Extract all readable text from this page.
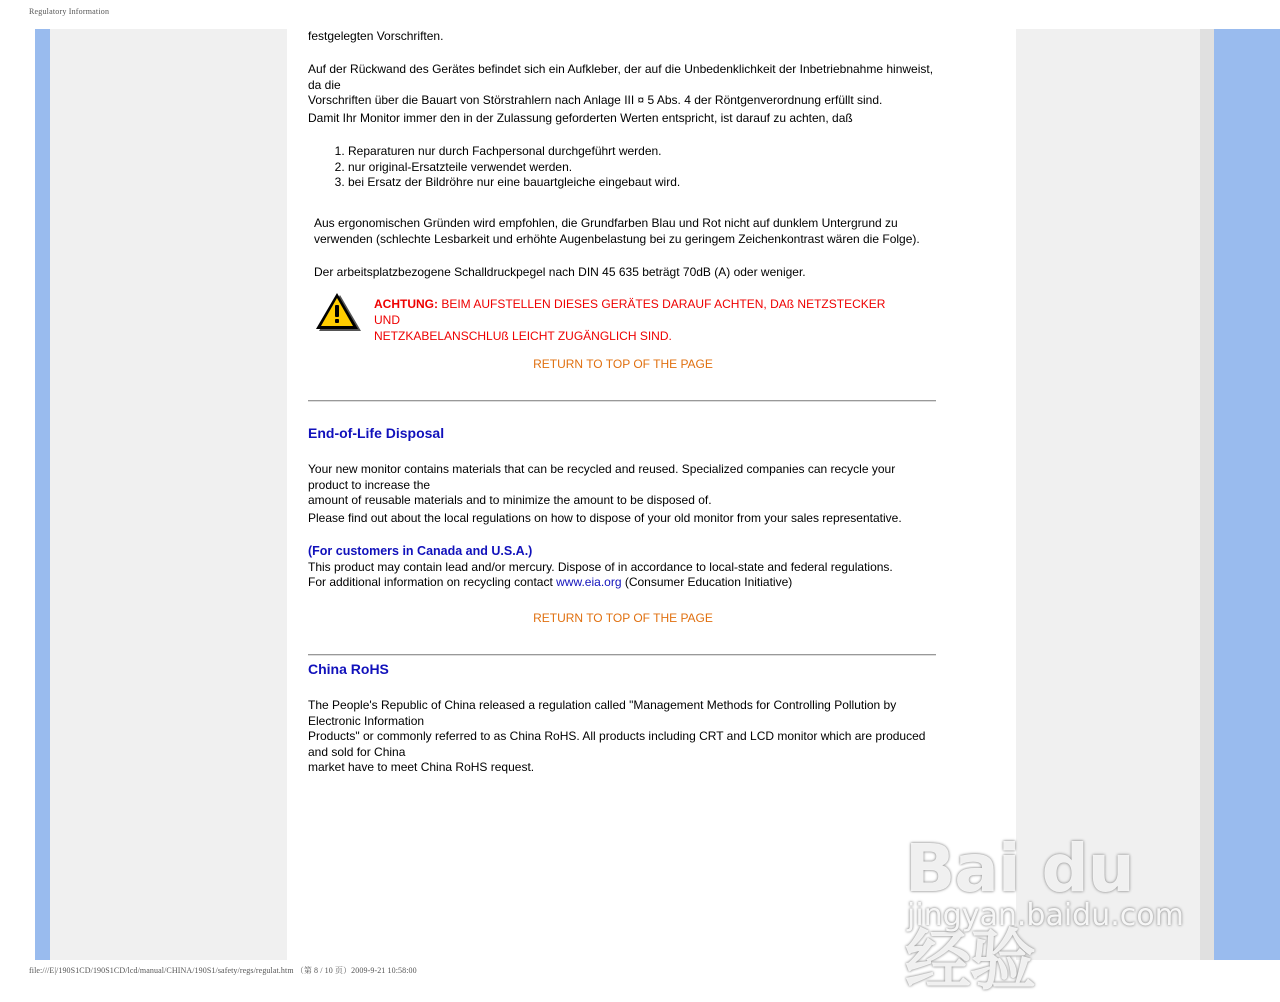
Regulatory Information

festgelegten Vorschriften.

Auf der Rückwand des Gerätes befindet sich ein Aufkleber, der auf die Unbedenklichkeit der Inbetriebnahme hinweist, da die

Vorschriften über die Bauart von Störstrahlern nach Anlage III ¤ 5 Abs. 4 der Röntgenverordnung erfüllt sind.

Damit Ihr Monitor immer den in der Zulassung geforderten Werten entspricht, ist darauf zu achten, daß

1. Reparaturen nur durch Fachpersonal durchgeführt werden.
2. nur original-Ersatzteile verwendet werden.
3. bei Ersatz der Bildröhre nur eine bauartgleiche eingebaut wird.

Aus ergonomischen Gründen wird empfohlen, die Grundfarben Blau und Rot nicht auf dunklem Untergrund zu

verwenden (schlechte Lesbarkeit und erhöhte Augenbelastung bei zu geringem Zeichenkontrast wären die Folge).

Der arbeitsplatzbezogene Schalldruckpegel nach DIN 45 635 beträgt 70dB (A) oder weniger.

ACHTUNG: BEIM AUFSTELLEN DIESES GERÄTES DARAUF ACHTEN, DAß NETZSTECKER UND
NETZKABELANSCHLUß LEICHT ZUGÄNGLICH SIND.
RETURN TO TOP OF THE PAGE
End-of-Life Disposal

Your new monitor contains materials that can be recycled and reused. Specialized companies can recycle your product to increase the

amount of reusable materials and to minimize the amount to be disposed of.

Please find out about the local regulations on how to dispose of your old monitor from your sales representative.

(For customers in Canada and U.S.A.)

This product may contain lead and/or mercury. Dispose of in accordance to local-state and federal regulations.

For additional information on recycling contact www.eia.org (Consumer Education Initiative)

RETURN TO TOP OF THE PAGE
China RoHS

The People's Republic of China released a regulation called "Management Methods for Controlling Pollution by Electronic Information

Products" or commonly referred to as China RoHS. All products including CRT and LCD monitor which are produced and sold for China

market have to meet China RoHS request.

Bai du 经验
jingyan.baidu.com
file:///E|/190S1CD/190S1CD/lcd/manual/CHINA/190S1/safety/regs/regulat.htm （第 8 / 10 页）2009-9-21 10:58:00
